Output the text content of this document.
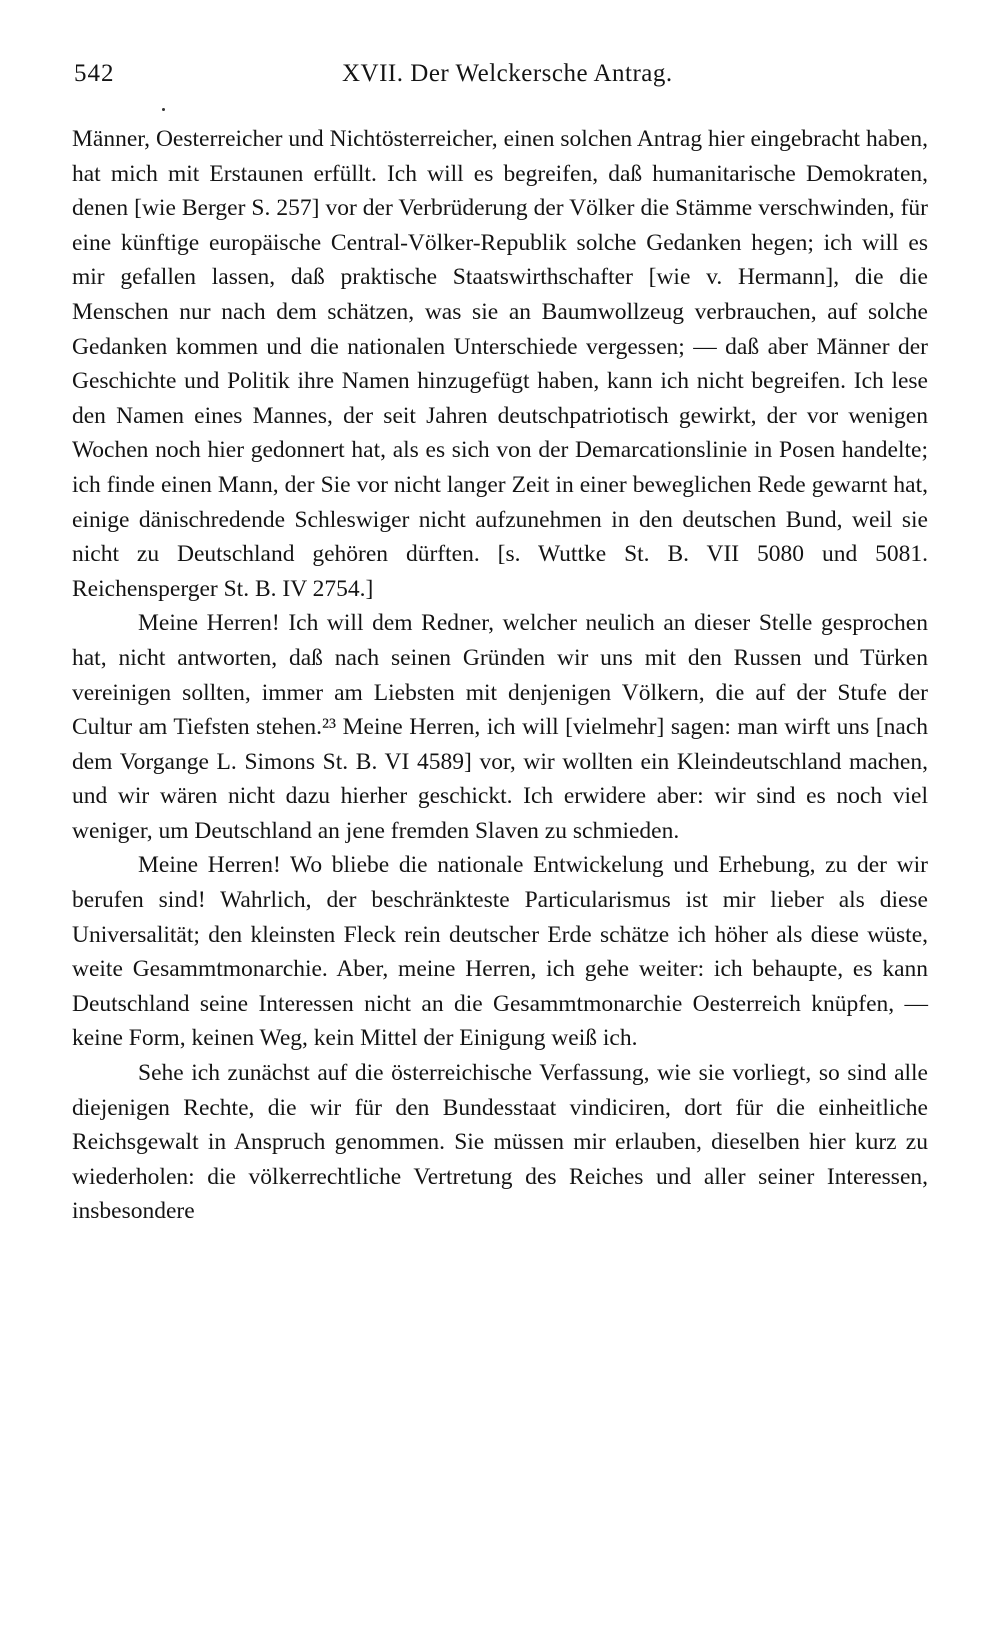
542	XVII. Der Welckersche Antrag.

Männer, Oesterreicher und Nichtösterreicher, einen solchen Antrag hier eingebracht haben, hat mich mit Erstaunen erfüllt. Ich will es begreifen, daß humanitarische Demokraten, denen [wie Berger S. 257] vor der Verbrüderung der Völker die Stämme verschwinden, für eine künftige europäische Central-Völker-Republik solche Gedanken hegen; ich will es mir gefallen lassen, daß praktische Staatswirthschafter [wie v. Hermann], die die Menschen nur nach dem schätzen, was sie an Baumwollzeug verbrauchen, auf solche Gedanken kommen und die nationalen Unterschiede vergessen; — daß aber Männer der Geschichte und Politik ihre Namen hinzugefügt haben, kann ich nicht begreifen. Ich lese den Namen eines Mannes, der seit Jahren deutschpatriotisch gewirkt, der vor wenigen Wochen noch hier gedonnert hat, als es sich von der Demarcationslinie in Posen handelte; ich finde einen Mann, der Sie vor nicht langer Zeit in einer beweglichen Rede gewarnt hat, einige dänischredende Schleswiger nicht aufzunehmen in den deutschen Bund, weil sie nicht zu Deutschland gehören dürften. [s. Wuttke St. B. VII 5080 und 5081. Reichensperger St. B. IV 2754.]

Meine Herren! Ich will dem Redner, welcher neulich an dieser Stelle gesprochen hat, nicht antworten, daß nach seinen Gründen wir uns mit den Russen und Türken vereinigen sollten, immer am Liebsten mit denjenigen Völkern, die auf der Stufe der Cultur am Tiefsten stehen.²³ Meine Herren, ich will [vielmehr] sagen: man wirft uns [nach dem Vorgange L. Simons St. B. VI 4589] vor, wir wollten ein Kleindeutschland machen, und wir wären nicht dazu hierher geschickt. Ich erwidere aber: wir sind es noch viel weniger, um Deutschland an jene fremden Slaven zu schmieden.

Meine Herren! Wo bliebe die nationale Entwickelung und Erhebung, zu der wir berufen sind! Wahrlich, der beschränkteste Particularismus ist mir lieber als diese Universalität; den kleinsten Fleck rein deutscher Erde schätze ich höher als diese wüste, weite Gesammtmonarchie. Aber, meine Herren, ich gehe weiter: ich behaupte, es kann Deutschland seine Interessen nicht an die Gesammtmonarchie Oesterreich knüpfen, — keine Form, keinen Weg, kein Mittel der Einigung weiß ich.

Sehe ich zunächst auf die österreichische Verfassung, wie sie vorliegt, so sind alle diejenigen Rechte, die wir für den Bundesstaat vindiciren, dort für die einheitliche Reichsgewalt in Anspruch genommen. Sie müssen mir erlauben, dieselben hier kurz zu wiederholen: die völkerrechtliche Vertretung des Reiches und aller seiner Interessen, insbesondere
